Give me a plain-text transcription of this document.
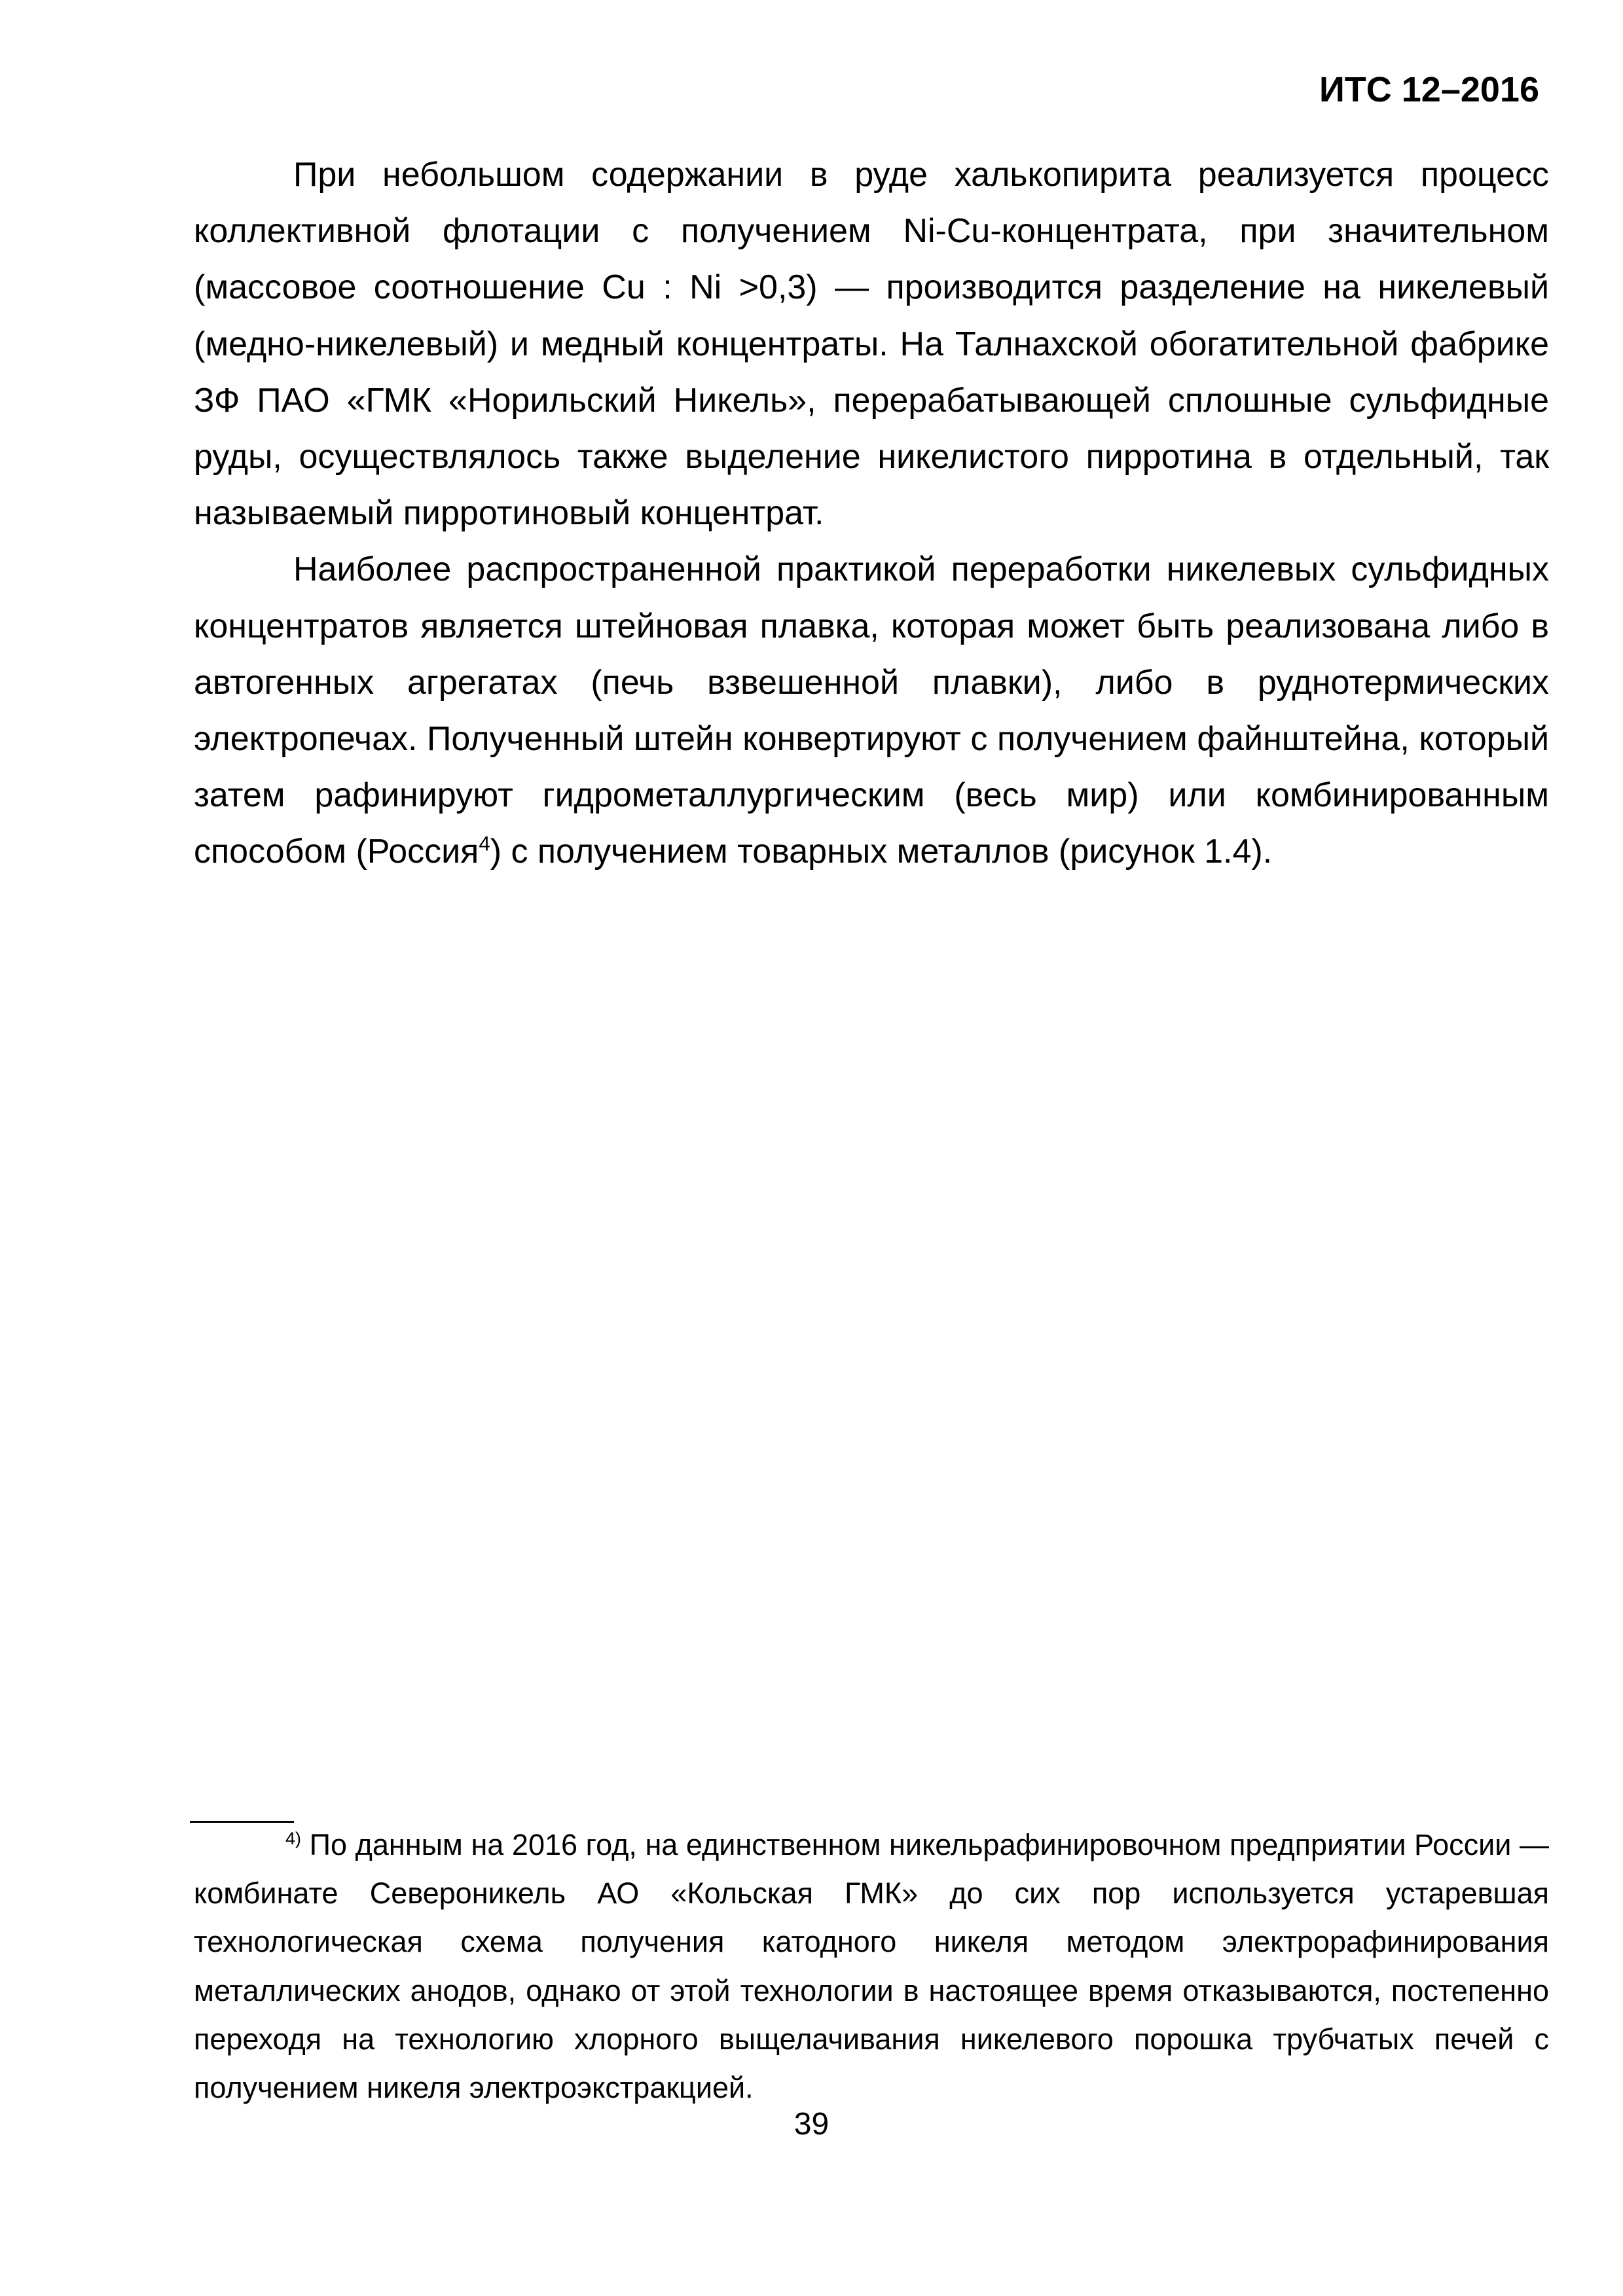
ИТС 12–2016

При небольшом содержании в руде халькопирита реализуется процесс коллективной флотации с получением Ni-Cu-концентрата, при значительном (массовое соотношение Cu : Ni >0,3) — производится разделение на никелевый (медно-никелевый) и медный концентраты. На Талнахской обогатительной фабрике ЗФ ПАО «ГМК «Норильский Никель», перерабатывающей сплошные сульфидные руды, осуществлялось также выделение никелистого пирротина в отдельный, так называемый пирротиновый концентрат.

Наиболее распространенной практикой переработки никелевых сульфидных концентратов является штейновая плавка, которая может быть реализована либо в автогенных агрегатах (печь взвешенной плавки), либо в руднотермических электропечах. Полученный штейн конвертируют с получением файнштейна, который затем рафинируют гидрометаллургическим (весь мир) или комбинированным способом (Россия$^4$) с получением товарных металлов (рисунок 1.4).

$^{4)}$ По данным на 2016 год, на единственном никельрафинировочном предприятии России — комбинате Североникель АО «Кольская ГМК» до сих пор используется устаревшая технологическая схема получения катодного никеля методом электрорафинирования металлических анодов, однако от этой технологии в настоящее время отказываются, постепенно переходя на технологию хлорного выщелачивания никелевого порошка трубчатых печей с получением никеля электроэкстракцией.

39
